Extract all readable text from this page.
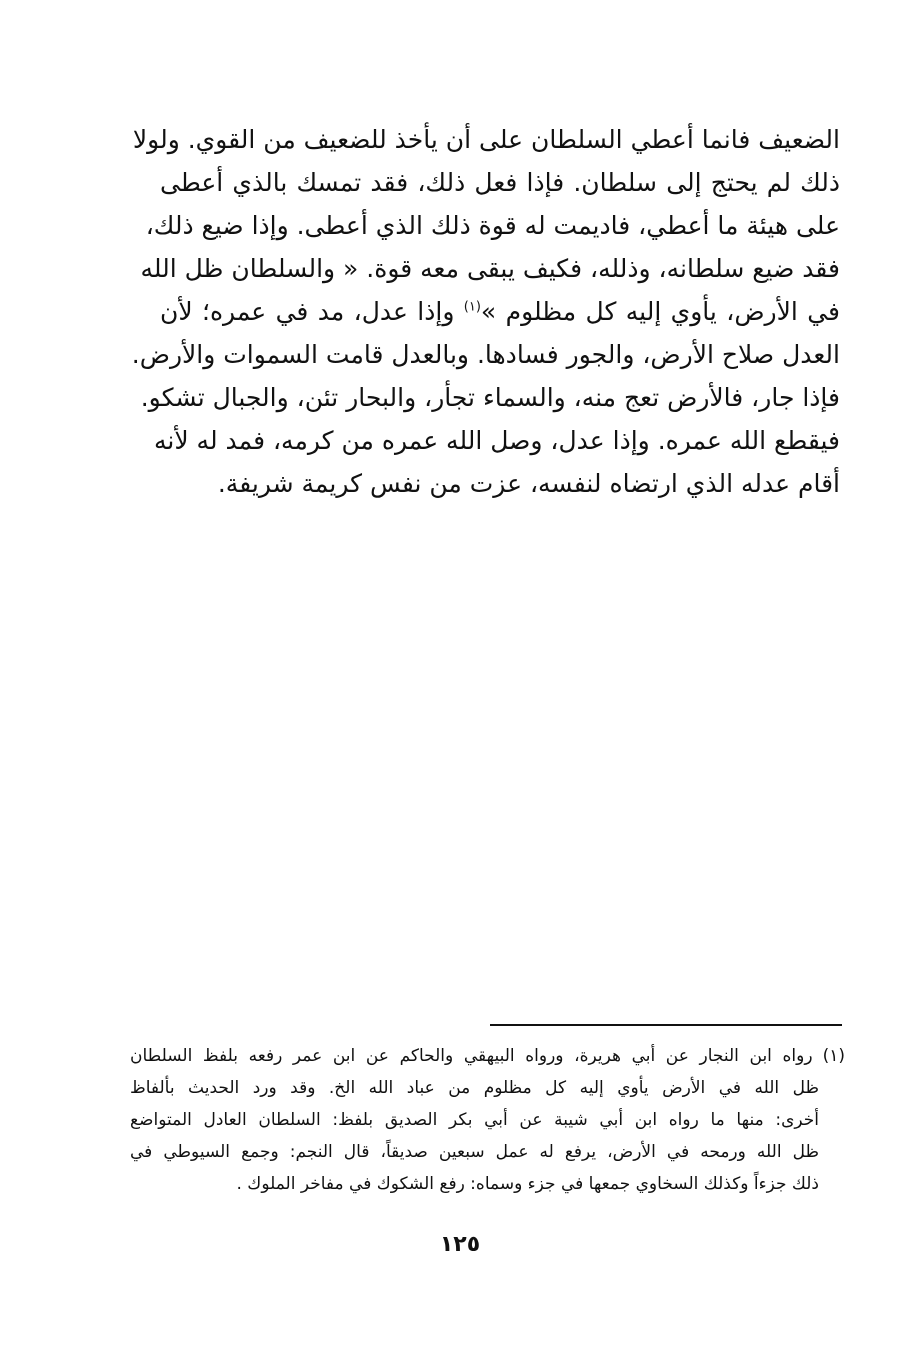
الضعيف فانما أعطي السلطان على أن يأخذ للضعيف من القوي. ولولا
ذلك لم يحتج إلى سلطان. فإذا فعل ذلك، فقد تمسك بالذي أعطى
على هيئة ما أعطي، فاديمت له قوة ذلك الذي أعطى. وإذا ضيع ذلك،
فقد ضيع سلطانه، وذلله، فكيف يبقى معه قوة. « والسلطان ظل الله
في الأرض، يأوي إليه كل مظلوم »$^{(١)}$ وإذا عدل، مد في عمره؛ لأن
العدل صلاح الأرض، والجور فسادها. وبالعدل قامت السموات والأرض.
فإذا جار، فالأرض تعج منه، والسماء تجأر، والبحار تئن، والجبال تشكو.
فيقطع الله عمره. وإذا عدل، وصل الله عمره من كرمه، فمد له لأنه
أقام عدله الذي ارتضاه لنفسه، عزت من نفس كريمة شريفة.
(١)رواه ابن النجار عن أبي هريرة، ورواه البيهقي والحاكم عن ابن عمر رفعه بلفظ السلطان
ظل الله في الأرض يأوي إليه كل مظلوم من عباد الله الخ. وقد ورد الحديث بألفاظ
أخرى: منها ما رواه ابن أبي شيبة عن أبي بكر الصديق بلفظ: السلطان العادل المتواضع
ظل الله ورمحه في الأرض، يرفع له عمل سبعين صديقاً، قال النجم: وجمع السيوطي في
ذلك جزءاً وكذلك السخاوي جمعها في جزء وسماه: رفع الشكوك في مفاخر الملوك .
١٢٥
